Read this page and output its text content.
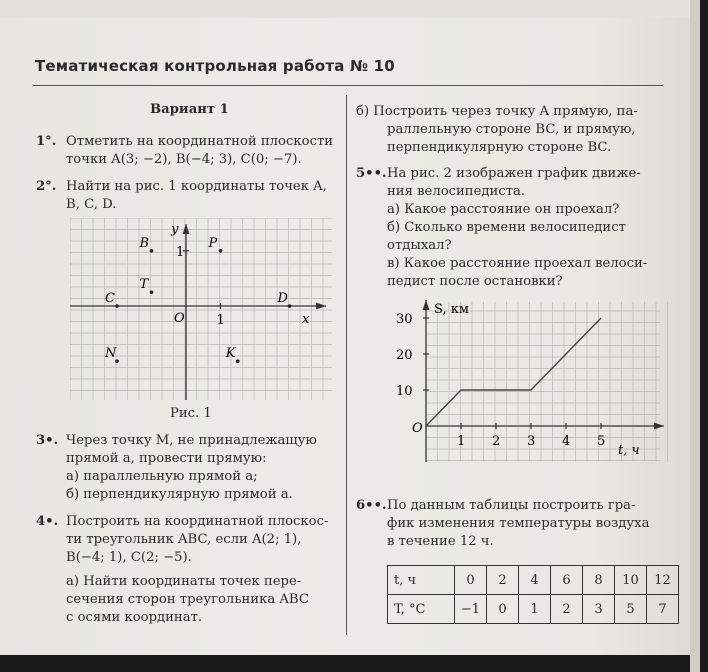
Тематическая контрольная работа № 10
Вариант 1
1°. Отметить на координатной плоскости
точки A(3; −2), B(−4; 3), C(0; −7).
2°. Найти на рис. 1 координаты точек A,
B, C, D.
x
y
O 1
1
B	P
T
C	D
N	K
Рис. 1
3•. Через точку M, не принадлежащую
прямой a, провести прямую:
а) параллельную прямой a;
б) перпендикулярную прямой a.
4•. Построить на координатной плоскос-
ти треугольник ABC, если A(2; 1),
B(−4; 1), C(2; −5).
а) Найти координаты точек пере-
сечения сторон треугольника ABC
с осями координат.
б) Построить через точку A прямую, па-
раллельную стороне BC, и прямую,
перпендикулярную стороне BC.
5••. На рис. 2 изображен график движе-
ния велосипедиста.
а) Какое расстояние он проехал?
б) Сколько времени велосипедист
отдыхал?
в) Какое расстояние проехал велоси-
педист после остановки?
S, км
t, ч
O
1 2 3 4 5
10
20
30
6••. По данным таблицы построить гра-
фик изменения температуры воздуха
в течение 12 ч.
t, ч	0	2	4	6	8	10	12
T, °C	−1	0	1	2	3	5	7
